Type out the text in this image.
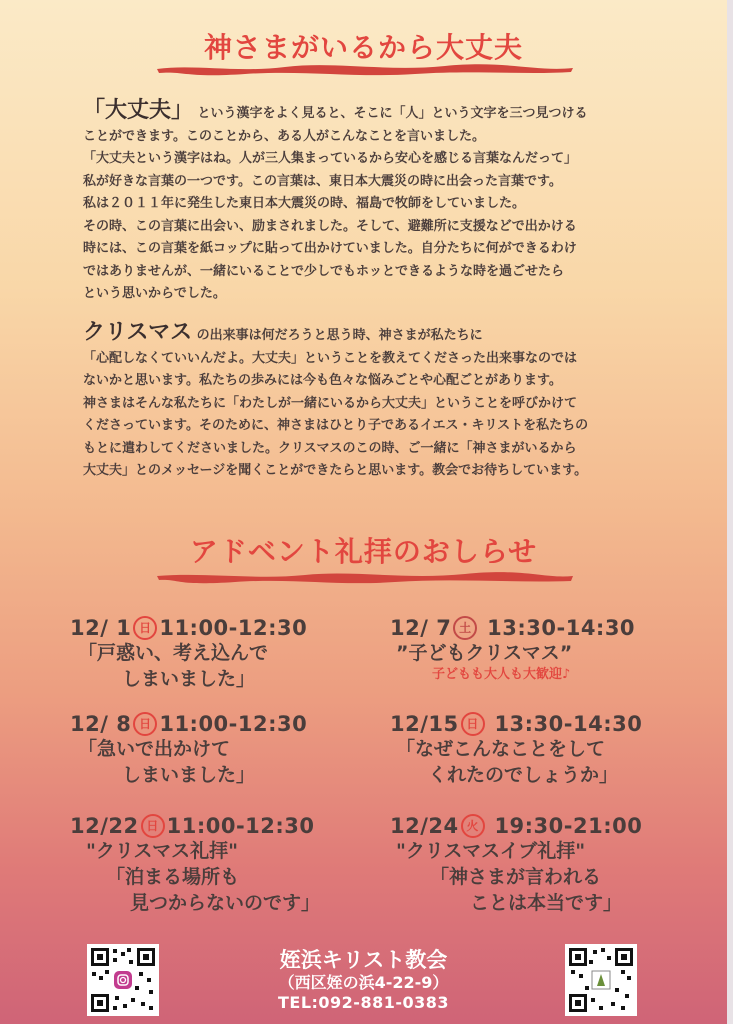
神さまがいるから大丈夫

「大丈夫」 という漢字をよく見ると、そこに「人」という文字を三つ見つける

ことができます。このことから、ある人がこんなことを言いました。

「大丈夫という漢字はね。人が三人集まっているから安心を感じる言葉なんだって」

私が好きな言葉の一つです。この言葉は、東日本大震災の時に出会った言葉です。

私は２０１１年に発生した東日本大震災の時、福島で牧師をしていました。

その時、この言葉に出会い、励まされました。そして、避難所に支援などで出かける

時には、この言葉を紙コップに貼って出かけていました。自分たちに何ができるわけ

ではありませんが、一緒にいることで少しでもホッとできるような時を過ごせたら

という思いからでした。

クリスマス の出来事は何だろうと思う時、神さまが私たちに

「心配しなくていいんだよ。大丈夫」ということを教えてくださった出来事なのでは

ないかと思います。私たちの歩みには今も色々な悩みごとや心配ごとがあります。

神さまはそんな私たちに「わたしが一緒にいるから大丈夫」ということを呼びかけて

くださっています。そのために、神さまはひとり子であるイエス・キリストを私たちの

もとに遣わしてくださいました。クリスマスのこの時、ご一緒に「神さまがいるから

大丈夫」とのメッセージを聞くことができたらと思います。教会でお待ちしています。

アドベント礼拝のおしらせ
12/ 1 日 11:00-12:30
「戸惑い、考え込んで
しまいました」
12/ 7 土 13:30-14:30
”子どもクリスマス”
子どもも大人も大歓迎♪
12/ 8 日 11:00-12:30
「急いで出かけて
しまいました」
12/15 日 13:30-14:30
「なぜこんなことをして
くれたのでしょうか」
12/22 日 11:00-12:30
"クリスマス礼拝"
「泊まる場所も
見つからないのです」
12/24 火 19:30-21:00
"クリスマスイブ礼拝"
「神さまが言われる
ことは本当です」
姪浜キリスト教会
（西区姪の浜4-22-9）
TEL:092-881-0383
